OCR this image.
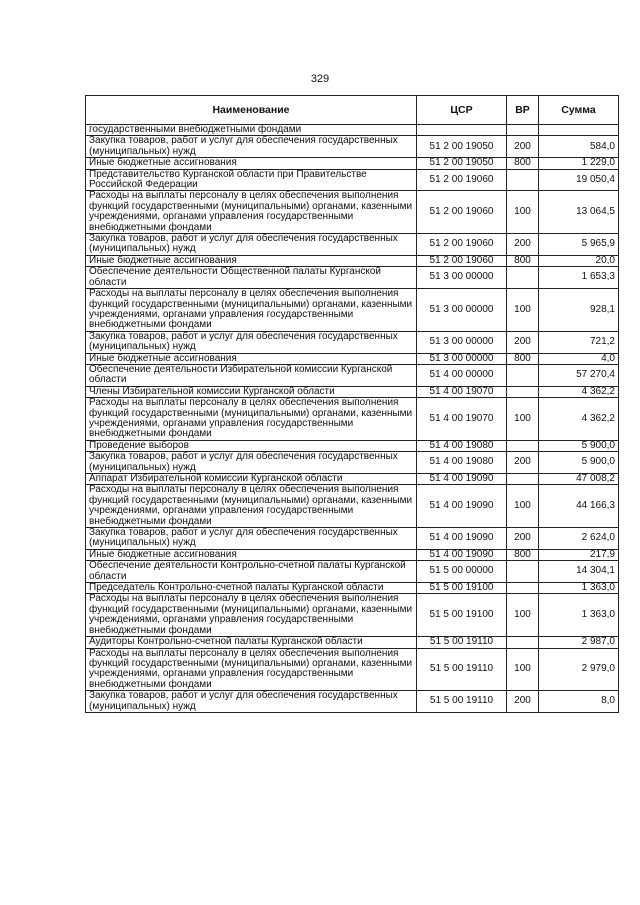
329
Наименование	ЦСР	ВР	Сумма
государственными внебюджетными фондами			
Закупка товаров, работ и услуг для обеспечения государственных (муниципальных) нужд	51 2 00 19050	200	584,0
Иные бюджетные ассигнования	51 2 00 19050	800	1 229,0
Представительство Курганской области при Правительстве Российской Федерации	51 2 00 19060		19 050,4
Расходы на выплаты персоналу в целях обеспечения выполнения функций государственными (муниципальными) органами, казенными учреждениями, органами управления государственными внебюджетными фондами	51 2 00 19060	100	13 064,5
Закупка товаров, работ и услуг для обеспечения государственных (муниципальных) нужд	51 2 00 19060	200	5 965,9
Иные бюджетные ассигнования	51 2 00 19060	800	20,0
Обеспечение деятельности Общественной палаты Курганской области	51 3 00 00000		1 653,3
Расходы на выплаты персоналу в целях обеспечения выполнения функций государственными (муниципальными) органами, казенными учреждениями, органами управления государственными внебюджетными фондами	51 3 00 00000	100	928,1
Закупка товаров, работ и услуг для обеспечения государственных (муниципальных) нужд	51 3 00 00000	200	721,2
Иные бюджетные ассигнования	51 3 00 00000	800	4,0
Обеспечение деятельности Избирательной комиссии Курганской области	51 4 00 00000		57 270,4
Члены Избирательной комиссии Курганской области	51 4 00 19070		4 362,2
Расходы на выплаты персоналу в целях обеспечения выполнения функций государственными (муниципальными) органами, казенными учреждениями, органами управления государственными внебюджетными фондами	51 4 00 19070	100	4 362,2
Проведение выборов	51 4 00 19080		5 900,0
Закупка товаров, работ и услуг для обеспечения государственных (муниципальных) нужд	51 4 00 19080	200	5 900,0
Аппарат Избирательной комиссии Курганской области	51 4 00 19090		47 008,2
Расходы на выплаты персоналу в целях обеспечения выполнения функций государственными (муниципальными) органами, казенными учреждениями, органами управления государственными внебюджетными фондами	51 4 00 19090	100	44 166,3
Закупка товаров, работ и услуг для обеспечения государственных (муниципальных) нужд	51 4 00 19090	200	2 624,0
Иные бюджетные ассигнования	51 4 00 19090	800	217,9
Обеспечение деятельности Контрольно-счетной палаты Курганской области	51 5 00 00000		14 304,1
Председатель Контрольно-счетной палаты Курганской области	51 5 00 19100		1 363,0
Расходы на выплаты персоналу в целях обеспечения выполнения функций государственными (муниципальными) органами, казенными учреждениями, органами управления государственными внебюджетными фондами	51 5 00 19100	100	1 363,0
Аудиторы Контрольно-счетной палаты Курганской области	51 5 00 19110		2 987,0
Расходы на выплаты персоналу в целях обеспечения выполнения функций государственными (муниципальными) органами, казенными учреждениями, органами управления государственными внебюджетными фондами	51 5 00 19110	100	2 979,0
Закупка товаров, работ и услуг для обеспечения государственных (муниципальных) нужд	51 5 00 19110	200	8,0
